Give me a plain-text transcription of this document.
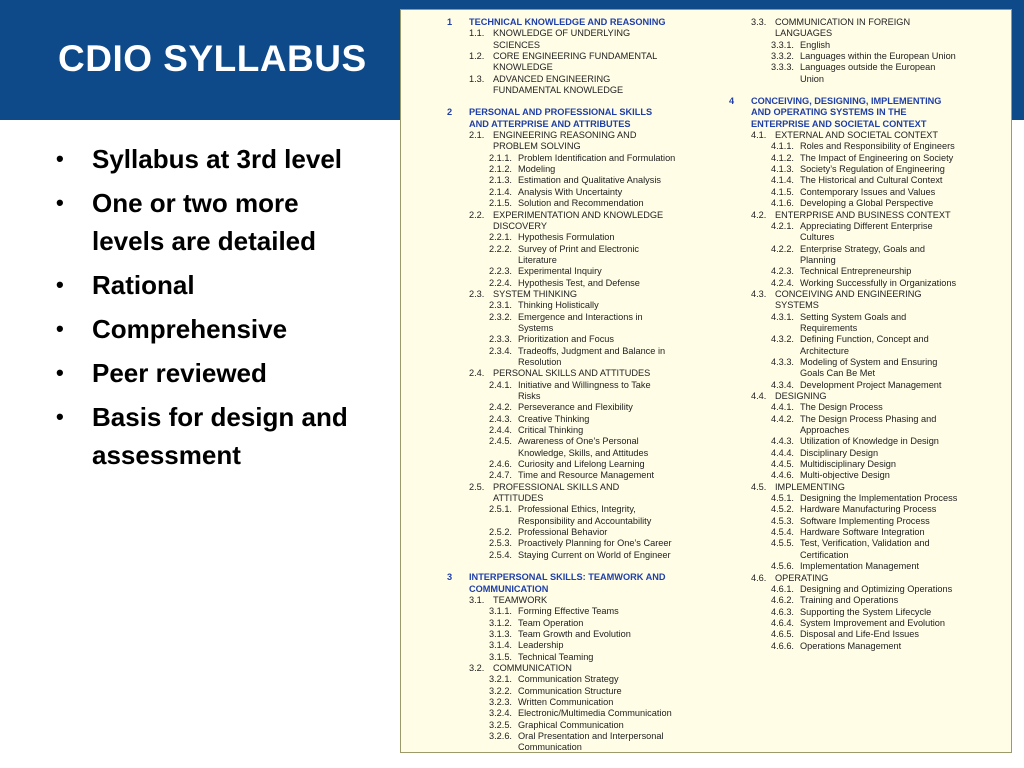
CDIO SYLLABUS
• Syllabus at 3rd level
• One or two more levels are detailed
• Rational
• Comprehensive
• Peer reviewed
• Basis for design and assessment
1	TECHNICAL KNOWLEDGE AND REASONING
1.1. KNOWLEDGE OF UNDERLYING
SCIENCES
1.2. CORE ENGINEERING FUNDAMENTAL
KNOWLEDGE
1.3. ADVANCED ENGINEERING
FUNDAMENTAL KNOWLEDGE
2	PERSONAL AND PROFESSIONAL SKILLS
AND ATTERPRISE AND ATTRIBUTES
2.1. ENGINEERING REASONING AND
PROBLEM SOLVING
2.1.1. Problem Identification and Formulation
2.1.2. Modeling
2.1.3. Estimation and Qualitative Analysis
2.1.4. Analysis With Uncertainty
2.1.5. Solution and Recommendation
2.2. EXPERIMENTATION AND KNOWLEDGE
DISCOVERY
2.2.1. Hypothesis Formulation
2.2.2. Survey of Print and Electronic
Literature
2.2.3. Experimental Inquiry
2.2.4. Hypothesis Test, and Defense
2.3. SYSTEM THINKING
2.3.1. Thinking Holistically
2.3.2. Emergence and Interactions in
Systems
2.3.3. Prioritization and Focus
2.3.4. Tradeoffs, Judgment and Balance in
Resolution
2.4. PERSONAL SKILLS AND ATTITUDES
2.4.1. Initiative and Willingness to Take
Risks
2.4.2. Perseverance and Flexibility
2.4.3. Creative Thinking
2.4.4. Critical Thinking
2.4.5. Awareness of One’s Personal
Knowledge, Skills, and Attitudes
2.4.6. Curiosity and Lifelong Learning
2.4.7. Time and Resource Management
2.5. PROFESSIONAL SKILLS AND
ATTITUDES
2.5.1. Professional Ethics, Integrity,
Responsibility and Accountability
2.5.2. Professional Behavior
2.5.3. Proactively Planning for One’s Career
2.5.4. Staying Current on World of Engineer
3	INTERPERSONAL SKILLS: TEAMWORK AND
COMMUNICATION
3.1. TEAMWORK
3.1.1. Forming Effective Teams
3.1.2. Team Operation
3.1.3. Team Growth and Evolution
3.1.4. Leadership
3.1.5. Technical Teaming
3.2. COMMUNICATION
3.2.1. Communication Strategy
3.2.2. Communication Structure
3.2.3. Written Communication
3.2.4. Electronic/Multimedia Communication
3.2.5. Graphical Communication
3.2.6. Oral Presentation and Interpersonal
Communication
3.3. COMMUNICATION IN FOREIGN
LANGUAGES
3.3.1. English
3.3.2. Languages within the European Union
3.3.3. Languages outside the European
Union
4	CONCEIVING, DESIGNING, IMPLEMENTING
AND OPERATING SYSTEMS IN THE
ENTERPRISE AND SOCIETAL CONTEXT
4.1. EXTERNAL AND SOCIETAL CONTEXT
4.1.1. Roles and Responsibility of Engineers
4.1.2. The Impact of Engineering on Society
4.1.3. Society’s Regulation of Engineering
4.1.4. The Historical and Cultural Context
4.1.5. Contemporary Issues and Values
4.1.6. Developing a Global Perspective
4.2. ENTERPRISE AND BUSINESS CONTEXT
4.2.1. Appreciating Different Enterprise
Cultures
4.2.2. Enterprise Strategy, Goals and
Planning
4.2.3. Technical Entrepreneurship
4.2.4. Working Successfully in Organizations
4.3. CONCEIVING AND ENGINEERING
SYSTEMS
4.3.1. Setting System Goals and
Requirements
4.3.2. Defining Function, Concept and
Architecture
4.3.3. Modeling of System and Ensuring
Goals Can Be Met
4.3.4. Development Project Management
4.4. DESIGNING
4.4.1. The Design Process
4.4.2. The Design Process Phasing and
Approaches
4.4.3. Utilization of Knowledge in Design
4.4.4. Disciplinary Design
4.4.5. Multidisciplinary Design
4.4.6. Multi-objective Design
4.5. IMPLEMENTING
4.5.1. Designing the Implementation Process
4.5.2. Hardware Manufacturing Process
4.5.3. Software Implementing Process
4.5.4. Hardware Software Integration
4.5.5. Test, Verification, Validation and
Certification
4.5.6. Implementation Management
4.6. OPERATING
4.6.1. Designing and Optimizing Operations
4.6.2. Training and Operations
4.6.3. Supporting the System Lifecycle
4.6.4. System Improvement and Evolution
4.6.5. Disposal and Life-End Issues
4.6.6. Operations Management
